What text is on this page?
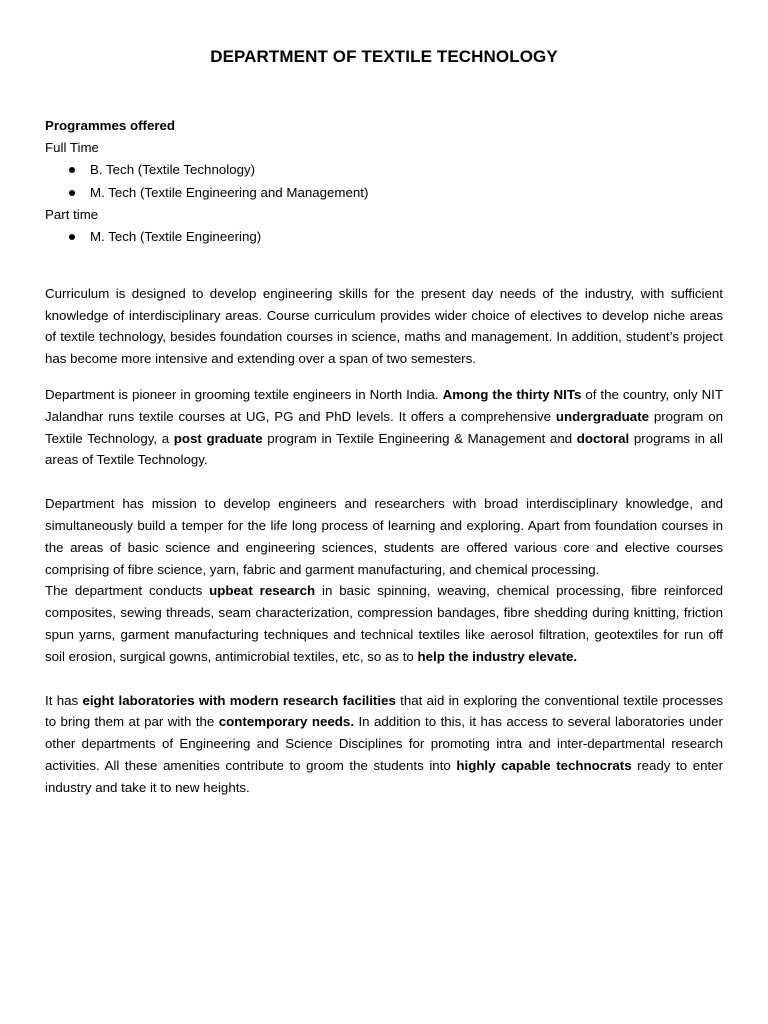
DEPARTMENT OF TEXTILE TECHNOLOGY

Programmes offered

Full Time

B. Tech (Textile Technology)
M. Tech (Textile Engineering and Management)

Part time

M. Tech (Textile Engineering)

Curriculum is designed to develop engineering skills for the present day needs of the industry, with sufficient knowledge of interdisciplinary areas. Course curriculum provides wider choice of electives to develop niche areas of textile technology, besides foundation courses in science, maths and management. In addition, student’s project has become more intensive and extending over a span of two semesters.

Department is pioneer in grooming textile engineers in North India. Among the thirty NITs of the country, only NIT Jalandhar runs textile courses at UG, PG and PhD levels. It offers a comprehensive undergraduate program on Textile Technology, a post graduate program in Textile Engineering & Management and doctoral programs in all areas of Textile Technology.

Department has mission to develop engineers and researchers with broad interdisciplinary knowledge, and simultaneously build a temper for the life long process of learning and exploring. Apart from foundation courses in the areas of basic science and engineering sciences, students are offered various core and elective courses comprising of fibre science, yarn, fabric and garment manufacturing, and chemical processing.

The department conducts upbeat research in basic spinning, weaving, chemical processing, fibre reinforced composites, sewing threads, seam characterization, compression bandages, fibre shedding during knitting, friction spun yarns, garment manufacturing techniques and technical textiles like aerosol filtration, geotextiles for run off soil erosion, surgical gowns, antimicrobial textiles, etc, so as to help the industry elevate.

It has eight laboratories with modern research facilities that aid in exploring the conventional textile processes to bring them at par with the contemporary needs. In addition to this, it has access to several laboratories under other departments of Engineering and Science Disciplines for promoting intra and inter-departmental research activities. All these amenities contribute to groom the students into highly capable technocrats ready to enter industry and take it to new heights.
